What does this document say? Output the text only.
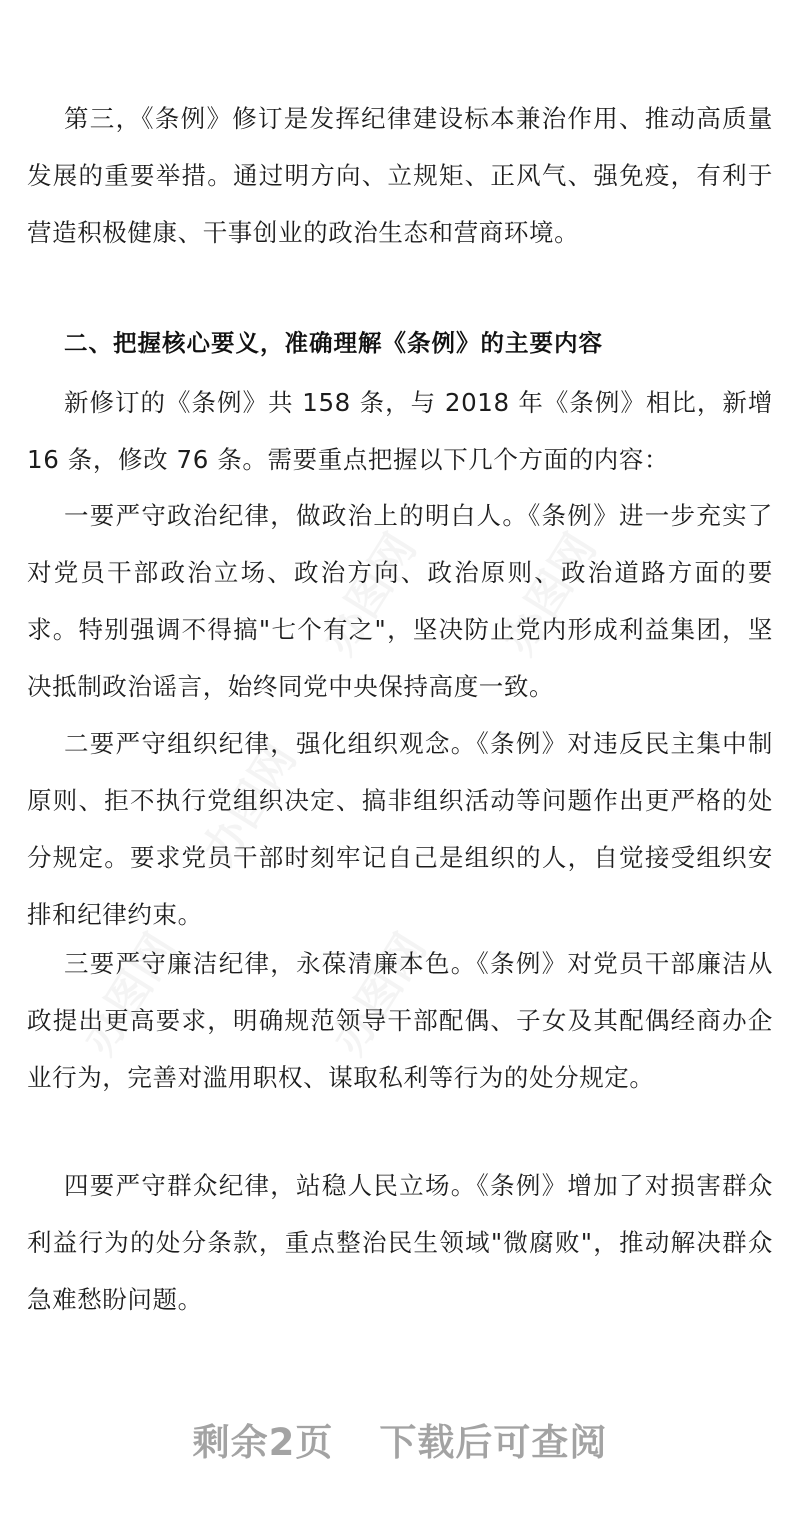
第三，《条例》修订是发挥纪律建设标本兼治作用、推动高质量发展的重要举措。通过明方向、立规矩、正风气、强免疫，有利于营造积极健康、干事创业的政治生态和营商环境。

二、把握核心要义，准确理解《条例》的主要内容

新修订的《条例》共 158 条，与 2018 年《条例》相比，新增 16 条，修改 76 条。需要重点把握以下几个方面的内容：

一要严守政治纪律，做政治上的明白人。《条例》进一步充实了对党员干部政治立场、政治方向、政治原则、政治道路方面的要求。特别强调不得搞"七个有之"，坚决防止党内形成利益集团，坚决抵制政治谣言，始终同党中央保持高度一致。

二要严守组织纪律，强化组织观念。《条例》对违反民主集中制原则、拒不执行党组织决定、搞非组织活动等问题作出更严格的处分规定。要求党员干部时刻牢记自己是组织的人，自觉接受组织安排和纪律约束。

三要严守廉洁纪律，永葆清廉本色。《条例》对党员干部廉洁从政提出更高要求，明确规范领导干部配偶、子女及其配偶经商办企业行为，完善对滥用职权、谋取私利等行为的处分规定。

四要严守群众纪律，站稳人民立场。《条例》增加了对损害群众利益行为的处分条款，重点整治民生领域"微腐败"，推动解决群众急难愁盼问题。

剩余2页 下载后可查阅
